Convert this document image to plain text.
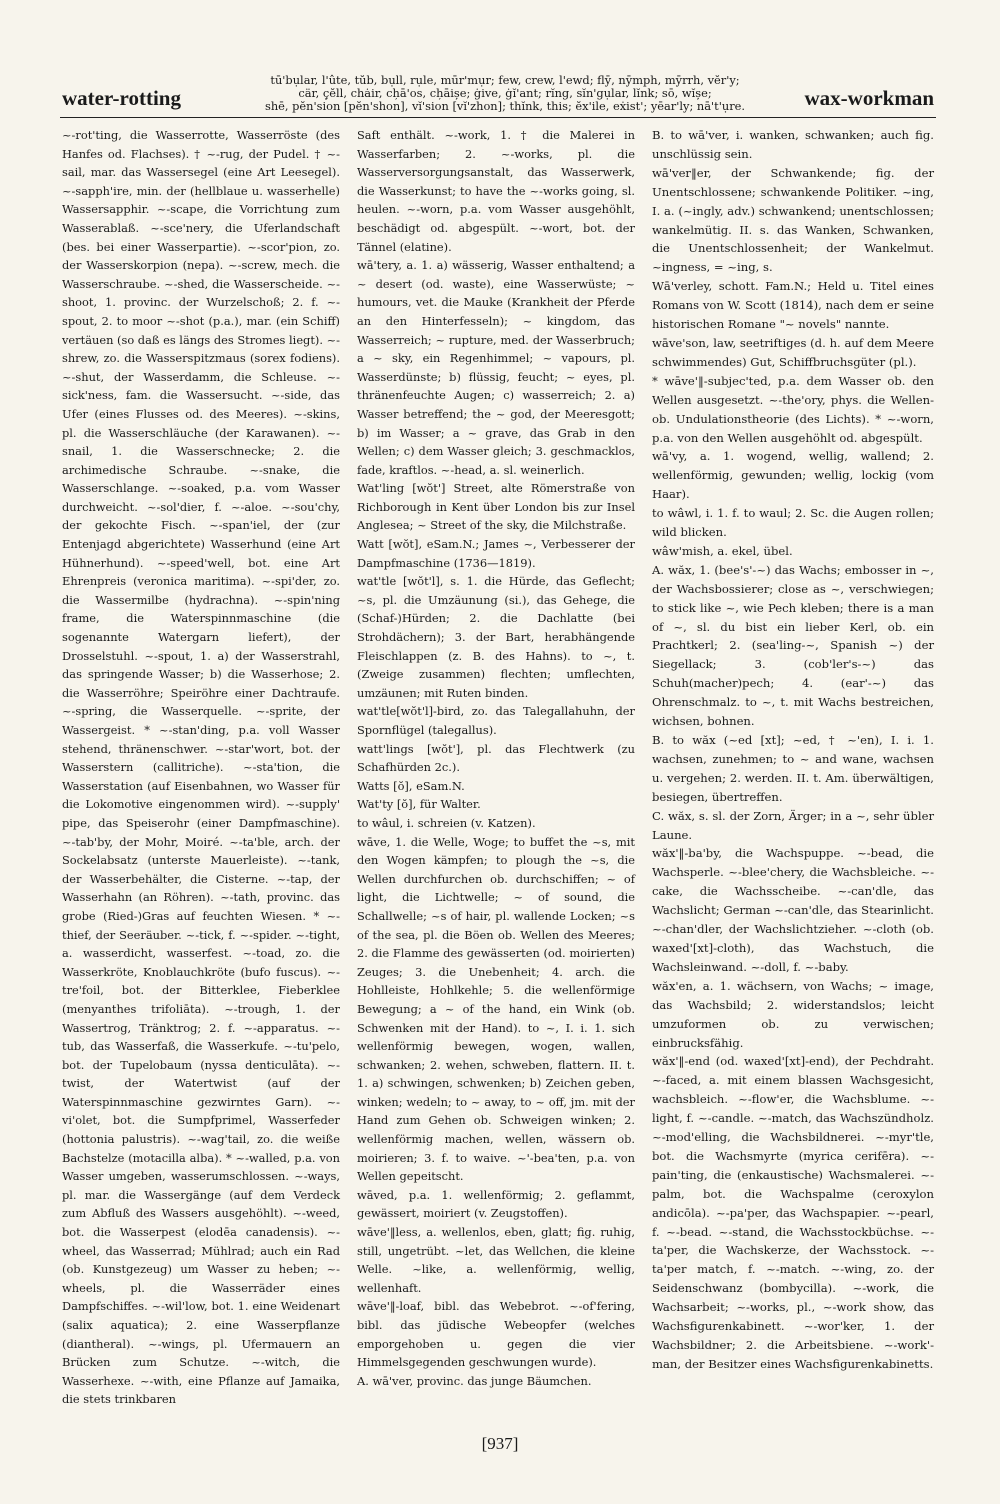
water-rotting
tū'bụlar, l'ûte, tŭb, bụll, rụle, mūr'mụr; few, crew, l'ewd; flȳ, nȳmph, mȳrrh, vĕr'y;
cär, ç̧ĕll, chȧir, ch̦ā'os, ch̦āiș̦e; ġive, ġĭ'ant; rĭng, sĭn'gụlar, lĭnk; sō, wĭș̦e;
shē, pĕn'sion [pĕn'shon], vĭ'sion [vĭ'zhon]; thĭnk, this; ĕx'ile, eẋist'; yēar'ly; nā't'ụre.	wax-workman

~-rot'ting, die Wasserrotte, Wasserröste (des Hanfes od. Flachses). † ~-rug, der Pudel. † ~-sail, mar. das Wassersegel (eine Art Leesegel). ~-sapph'ire, min. der (hellblaue u. wasserhelle) Wassersapphir. ~-scape, die Vorrichtung zum Wasserablaß. ~-sce'nery, die Uferlandschaft (bes. bei einer Wasserpartie). ~-scor'pion, zo. der Wasserskorpion (nepa). ~-screw, mech. die Wasserschraube. ~-shed, die Wasserscheide. ~-shoot, 1. provinc. der Wurzelschoß; 2. f. ~-spout, 2. to moor ~-shot (p.a.), mar. (ein Schiff) vertäuen (so daß es längs des Stromes liegt). ~-shrew, zo. die Wasserspitzmaus (sorex fodiens). ~-shut, der Wasserdamm, die Schleuse. ~-sick'ness, fam. die Wassersucht. ~-side, das Ufer (eines Flusses od. des Meeres). ~-skins, pl. die Wasserschläuche (der Karawanen). ~-snail, 1. die Wasserschnecke; 2. die archimedische Schraube. ~-snake, die Wasserschlange. ~-soaked, p.a. vom Wasser durchweicht. ~-sol'dier, f. ~-aloe. ~-sou'chy, der gekochte Fisch. ~-span'iel, der (zur Entenjagd abgerichtete) Wasserhund (eine Art Hühnerhund). ~-speed'well, bot. eine Art Ehrenpreis (veronica maritima). ~-spi'der, zo. die Wassermilbe (hydrachna). ~-spin'ning frame, die Waterspinnmaschine (die sogenannte Watergarn liefert), der Drosselstuhl. ~-spout, 1. a) der Wasserstrahl, das springende Wasser; b) die Wasserhose; 2. die Wasserröhre; Speiröhre einer Dachtraufe. ~-spring, die Wasserquelle. ~-sprite, der Wassergeist. * ~-stan'ding, p.a. voll Wasser stehend, thränenschwer. ~-star'wort, bot. der Wasserstern (callitriche). ~-sta'tion, die Wasserstation (auf Eisenbahnen, wo Wasser für die Lokomotive eingenommen wird). ~-supply' pipe, das Speiserohr (einer Dampfmaschine). ~-tab'by, der Mohr, Moiré. ~-ta'ble, arch. der Sockelabsatz (unterste Mauerleiste). ~-tank, der Wasserbehälter, die Cisterne. ~-tap, der Wasserhahn (an Röhren). ~-tath, provinc. das grobe (Ried-)Gras auf feuchten Wiesen. * ~-thief, der Seeräuber. ~-tick, f. ~-spider. ~-tight, a. wasserdicht, wasserfest. ~-toad, zo. die Wasserkröte, Knoblauchkröte (bufo fuscus). ~-tre'foil, bot. der Bitterklee, Fieberklee (menyanthes trifoliāta). ~-trough, 1. der Wassertrog, Tränktrog; 2. f. ~-apparatus. ~-tub, das Wasserfaß, die Wasserkufe. ~-tu'pelo, bot. der Tupelobaum (nyssa denticulāta). ~-twist, der Watertwist (auf der Waterspinnmaschine gezwirntes Garn). ~-vi'olet, bot. die Sumpfprimel, Wasserfeder (hottonia palustris). ~-wag'tail, zo. die weiße Bachstelze (motacilla alba). * ~-walled, p.a. von Wasser umgeben, wasserumschlossen. ~-ways, pl. mar. die Wassergänge (auf dem Verdeck zum Abfluß des Wassers ausgehöhlt). ~-weed, bot. die Wasserpest (elodēa canadensis). ~-wheel, das Wasserrad; Mühlrad; auch ein Rad (ob. Kunstgezeug) um Wasser zu heben; ~-wheels, pl. die Wasserräder eines Dampfschiffes. ~-wil'low, bot. 1. eine Weidenart (salix aquatica); 2. eine Wasserpflanze (diantheral). ~-wings, pl. Ufermauern an Brücken zum Schutze. ~-witch, die Wasserhexe. ~-with, eine Pflanze auf Jamaika, die stets trinkbaren

Saft enthält. ~-work, 1. † die Malerei in Wasserfarben; 2. ~-works, pl. die Wasserversorgungsanstalt, das Wasserwerk, die Wasserkunst; to have the ~-works going, sl. heulen. ~-worn, p.a. vom Wasser ausgehöhlt, beschädigt od. abgespült. ~-wort, bot. der Tännel (elatine).

wā'tery, a. 1. a) wässerig, Wasser enthaltend; a ~ desert (od. waste), eine Wasserwüste; ~ humours, vet. die Mauke (Krankheit der Pferde an den Hinterfesseln); ~ kingdom, das Wasserreich; ~ rupture, med. der Wasserbruch; a ~ sky, ein Regenhimmel; ~ vapours, pl. Wasserdünste; b) flüssig, feucht; ~ eyes, pl. thränenfeuchte Augen; c) wasserreich; 2. a) Wasser betreffend; the ~ god, der Meeresgott; b) im Wasser; a ~ grave, das Grab in den Wellen; c) dem Wasser gleich; 3. geschmacklos, fade, kraftlos. ~-head, a. sl. weinerlich.

Wat'ling [wŏt'] Street, alte Römerstraße von Richborough in Kent über London bis zur Insel Anglesea; ~ Street of the sky, die Milchstraße.

Watt [wŏt], eSam.N.; James ~, Verbesserer der Dampfmaschine (1736—1819).

wat'tle [wŏt'l], s. 1. die Hürde, das Geflecht; ~s, pl. die Umzäunung (si.), das Gehege, die (Schaf-)Hürden; 2. die Dachlatte (bei Strohdächern); 3. der Bart, herabhängende Fleischlappen (z. B. des Hahns). to ~, t. (Zweige zusammen) flechten; umflechten, umzäunen; mit Ruten binden.

wat'tle[wŏt'l]-bird, zo. das Talegallahuhn, der Spornflügel (talegallus).

watt'lings [wŏt'], pl. das Flechtwerk (zu Schafhürden 2c.).

Watts [ŏ], eSam.N.

Wat'ty [ŏ], für Walter.

to wâul, i. schreien (v. Katzen).

wāve, 1. die Welle, Woge; to buffet the ~s, mit den Wogen kämpfen; to plough the ~s, die Wellen durchfurchen ob. durchschiffen; ~ of light, die Lichtwelle; ~ of sound, die Schallwelle; ~s of hair, pl. wallende Locken; ~s of the sea, pl. die Böen ob. Wellen des Meeres; 2. die Flamme des gewässerten (od. moirierten) Zeuges; 3. die Unebenheit; 4. arch. die Hohlleiste, Hohlkehle; 5. die wellenförmige Bewegung; a ~ of the hand, ein Wink (ob. Schwenken mit der Hand). to ~, I. i. 1. sich wellenförmig bewegen, wogen, wallen, schwanken; 2. wehen, schweben, flattern. II. t. 1. a) schwingen, schwenken; b) Zeichen geben, winken; wedeln; to ~ away, to ~ off, jm. mit der Hand zum Gehen ob. Schweigen winken; 2. wellenförmig machen, wellen, wässern ob. moirieren; 3. f. to waive. ~'-bea'ten, p.a. von Wellen gepeitscht.

wāved, p.a. 1. wellenförmig; 2. geflammt, gewässert, moiriert (v. Zeugstoffen).

wāve'‖less, a. wellenlos, eben, glatt; fig. ruhig, still, ungetrübt. ~let, das Wellchen, die kleine Welle. ~like, a. wellenförmig, wellig, wellenhaft.

wāve'‖-loaf, bibl. das Webebrot. ~-of'fering, bibl. das jüdische Webeopfer (welches emporgehoben u. gegen die vier Himmelsgegenden geschwungen wurde).

A. wā'ver, provinc. das junge Bäumchen.

B. to wā'ver, i. wanken, schwanken; auch fig. unschlüssig sein.

wā'ver‖er, der Schwankende; fig. der Unentschlossene; schwankende Politiker. ~ing, I. a. (~ingly, adv.) schwankend; unentschlossen; wankelmütig. II. s. das Wanken, Schwanken, die Unentschlossenheit; der Wankelmut. ~ingness, = ~ing, s.

Wā'verley, schott. Fam.N.; Held u. Titel eines Romans von W. Scott (1814), nach dem er seine historischen Romane "~ novels" nannte.

wāve'son, law, seetriftiges (d. h. auf dem Meere schwimmendes) Gut, Schiffbruchsgüter (pl.).

* wāve'‖-subjec'ted, p.a. dem Wasser ob. den Wellen ausgesetzt. ~-the'ory, phys. die Wellen- ob. Undulationstheorie (des Lichts). * ~-worn, p.a. von den Wellen ausgehöhlt od. abgespült.

wā'vy, a. 1. wogend, wellig, wallend; 2. wellenförmig, gewunden; wellig, lockig (vom Haar).

to wâwl, i. 1. f. to waul; 2. Sc. die Augen rollen; wild blicken.

wâw'mish, a. ekel, übel.

A. wăx, 1. (bee's'-~) das Wachs; embosser in ~, der Wachsbossierer; close as ~, verschwiegen; to stick like ~, wie Pech kleben; there is a man of ~, sl. du bist ein lieber Kerl, ob. ein Prachtkerl; 2. (sea'ling-~, Spanish ~) der Siegellack; 3. (cob'ler's-~) das Schuh(macher)pech; 4. (ear'-~) das Ohrenschmalz. to ~, t. mit Wachs bestreichen, wichsen, bohnen.

B. to wăx (~ed [xt]; ~ed, † ~'en), I. i. 1. wachsen, zunehmen; to ~ and wane, wachsen u. vergehen; 2. werden. II. t. Am. überwältigen, besiegen, übertreffen.

C. wăx, s. sl. der Zorn, Ärger; in a ~, sehr übler Laune.

wăx'‖-ba'by, die Wachspuppe. ~-bead, die Wachsperle. ~-blee'chery, die Wachsbleiche. ~-cake, die Wachsscheibe. ~-can'dle, das Wachslicht; German ~-can'dle, das Stearinlicht. ~-chan'dler, der Wachslichtzieher. ~-cloth (ob. waxed'[xt]-cloth), das Wachstuch, die Wachsleinwand. ~-doll, f. ~-baby.

wăx'en, a. 1. wächsern, von Wachs; ~ image, das Wachsbild; 2. widerstandslos; leicht umzuformen ob. zu verwischen; einbrucksfähig.

wăx'‖-end (od. waxed'[xt]-end), der Pechdraht. ~-faced, a. mit einem blassen Wachsgesicht, wachsbleich. ~-flow'er, die Wachsblume. ~-light, f. ~-candle. ~-match, das Wachszündholz. ~-mod'elling, die Wachsbildnerei. ~-myr'tle, bot. die Wachsmyrte (myrica cerifēra). ~-pain'ting, die (enkaustische) Wachsmalerei. ~-palm, bot. die Wachspalme (ceroxylon andicōla). ~-pa'per, das Wachspapier. ~-pearl, f. ~-bead. ~-stand, die Wachsstockbüchse. ~-ta'per, die Wachskerze, der Wachsstock. ~-ta'per match, f. ~-match. ~-wing, zo. der Seidenschwanz (bombycilla). ~-work, die Wachsarbeit; ~-works, pl., ~-work show, das Wachsfigurenkabinett. ~-wor'ker, 1. der Wachsbildner; 2. die Arbeitsbiene. ~-work'-man, der Besitzer eines Wachsfigurenkabinetts.

[937]
